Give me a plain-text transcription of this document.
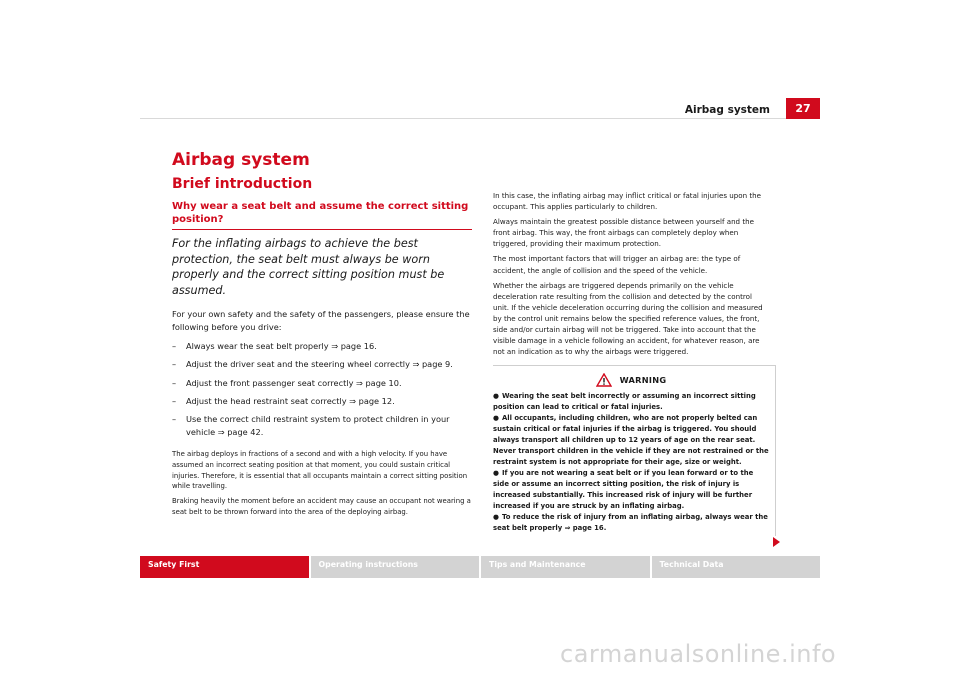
Airbag system	27
Airbag system
Brief introduction
Why wear a seat belt and assume the correct sitting position?

For the inflating airbags to achieve the best protection, the seat belt must always be worn properly and the correct sitting position must be assumed.

For your own safety and the safety of the passengers, please ensure the following before you drive:

– Always wear the seat belt properly ⇒ page 16.
– Adjust the driver seat and the steering wheel correctly ⇒ page 9.
– Adjust the front passenger seat correctly ⇒ page 10.
– Adjust the head restraint seat correctly ⇒ page 12.
– Use the correct child restraint system to protect children in your vehicle ⇒ page 42.

The airbag deploys in fractions of a second and with a high velocity. If you have assumed an incorrect seating position at that moment, you could sustain critical injuries. Therefore, it is essential that all occupants maintain a correct sitting position while travelling.

Braking heavily the moment before an accident may cause an occupant not wearing a seat belt to be thrown forward into the area of the deploying airbag.

In this case, the inflating airbag may inflict critical or fatal injuries upon the occupant. This applies particularly to children.

Always maintain the greatest possible distance between yourself and the front airbag. This way, the front airbags can completely deploy when triggered, providing their maximum protection.

The most important factors that will trigger an airbag are: the type of accident, the angle of collision and the speed of the vehicle.

Whether the airbags are triggered depends primarily on the vehicle deceleration rate resulting from the collision and detected by the control unit. If the vehicle deceleration occurring during the collision and measured by the control unit remains below the specified reference values, the front, side and/or curtain airbag will not be triggered. Take into account that the visible damage in a vehicle following an accident, for whatever reason, are not an indication as to why the airbags were triggered.

WARNING

● Wearing the seat belt incorrectly or assuming an incorrect sitting position can lead to critical or fatal injuries.

● All occupants, including children, who are not properly belted can sustain critical or fatal injuries if the airbag is triggered. You should always transport all children up to 12 years of age on the rear seat. Never transport children in the vehicle if they are not restrained or the restraint system is not appropriate for their age, size or weight.

● If you are not wearing a seat belt or if you lean forward or to the side or assume an incorrect sitting position, the risk of injury is increased substantially. This increased risk of injury will be further increased if you are struck by an inflating airbag.

● To reduce the risk of injury from an inflating airbag, always wear the seat belt properly ⇒ page 16.

Safety First	Operating instructions	Tips and Maintenance	Technical Data
carmanualsonline.info
